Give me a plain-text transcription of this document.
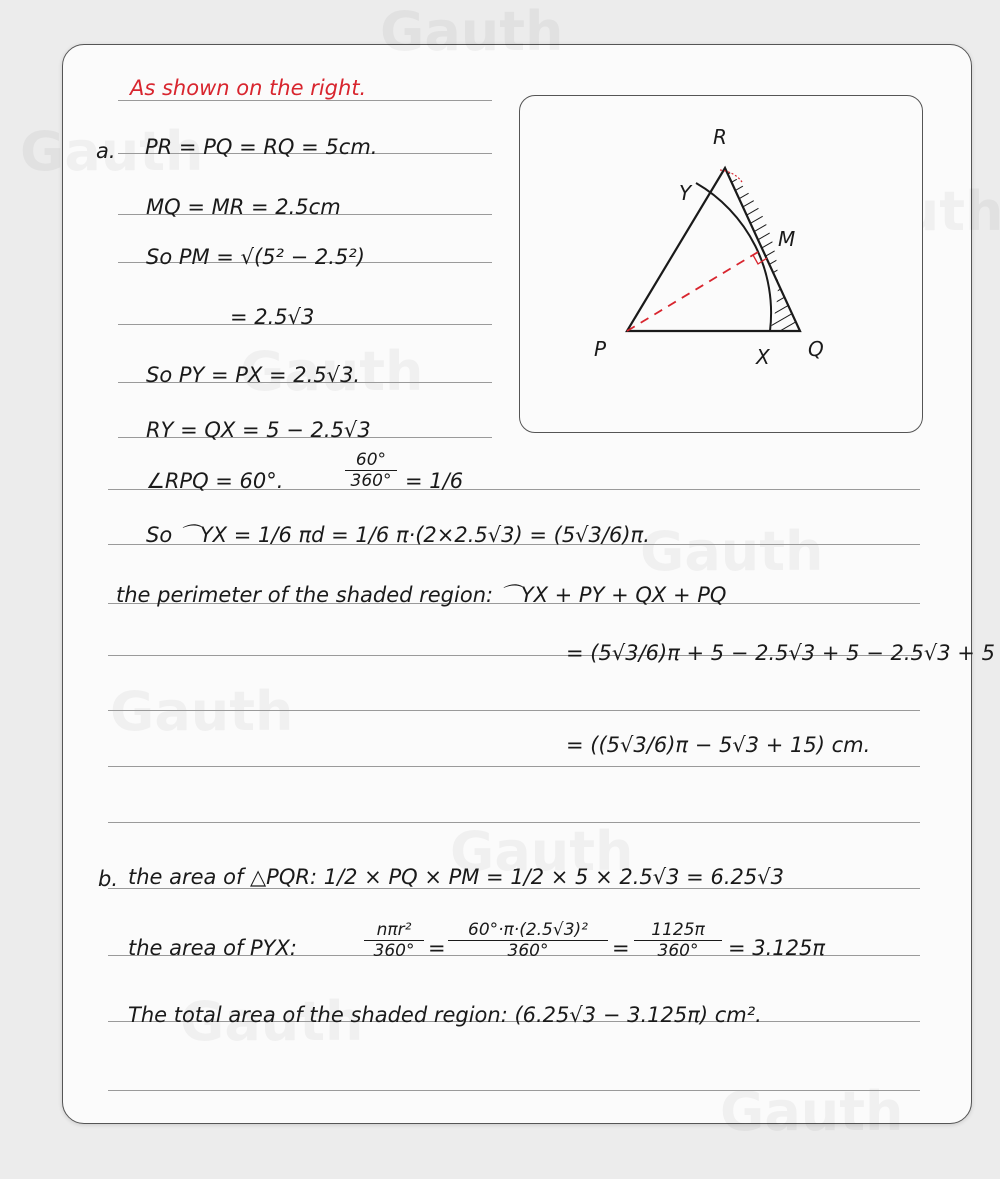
As shown on the right.
a. PR = PQ = RQ = 5cm.
MQ = MR = 2.5cm
So PM = √(5² − 2.5²)
= 2.5√3
So PY = PX = 2.5√3.
RY = QX = 5 − 2.5√3
∠RPQ = 60°.	$\frac{60^\circ}{360^\circ} = 1/6$
So ⌒YX = 1/6 πd = 1/6 π·(2×2.5√3) = (5√3/6)π.
the perimeter of the shaded region: ⌒YX + PY + QX + PQ
= (5√3/6)π + 5 − 2.5√3 + 5 − 2.5√3 + 5
= ((5√3/6)π − 5√3 + 15) cm.
b. the area of △PQR: 1/2 × PQ × PM = 1/2 × 5 × 2.5√3 = 6.25√3
the area of PYX:
nπr²
$360^\circ = \frac{\text{60°·π·(2.5√3)²}}{360^\circ} = \frac{1125\pi}{360^\circ} = 3.125\pi$
The total area of the shaded region: (6.25√3 − 3.125π) cm².
R
Y
M
P	Q
X
